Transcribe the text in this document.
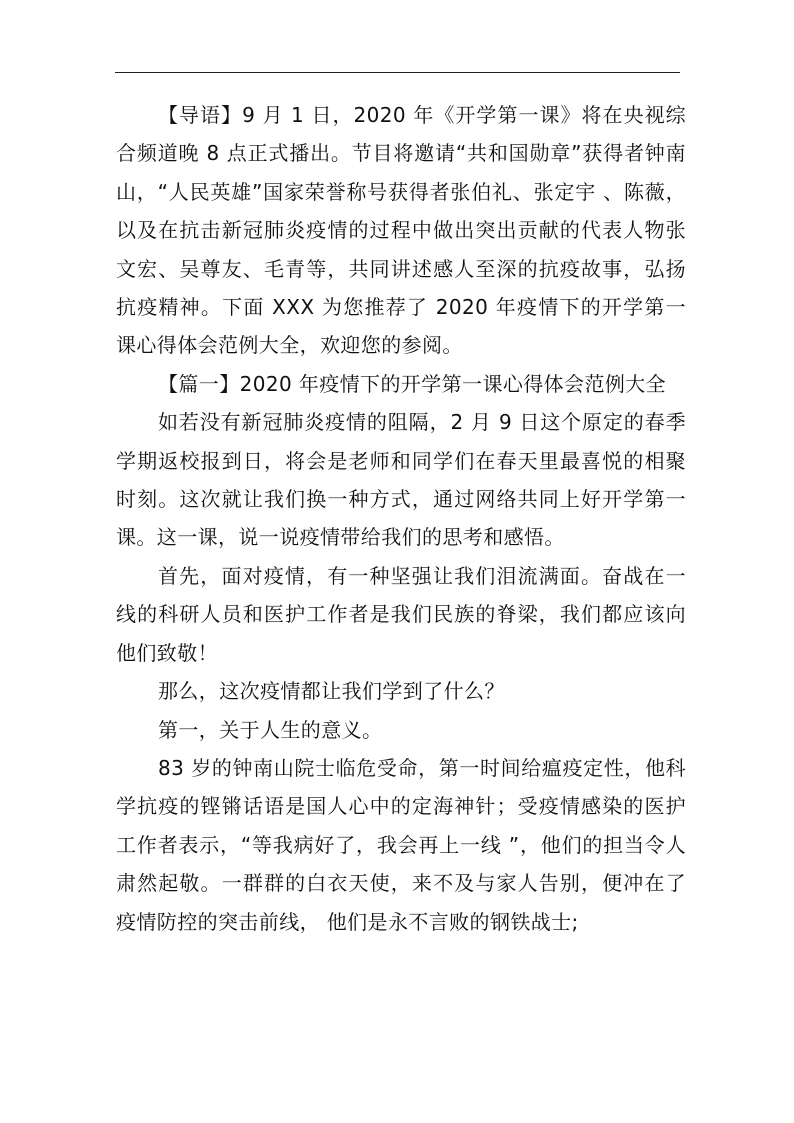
【导语】9 月 1 日，2020 年《开学第一课》将在央视综合频道晚 8 点正式播出。节目将邀请“共和国勋章”获得者钟南山，“人民英雄”国家荣誉称号获得者张伯礼、张定宇 、陈薇，以及在抗击新冠肺炎疫情的过程中做出突出贡献的代表人物张文宏、吴尊友、毛青等，共同讲述感人至深的抗疫故事，弘扬抗疫精神。下面 XXX 为您推荐了 2020 年疫情下的开学第一课心得体会范例大全，欢迎您的参阅。

【篇一】2020 年疫情下的开学第一课心得体会范例大全

如若没有新冠肺炎疫情的阻隔，2 月 9 日这个原定的春季学期返校报到日，将会是老师和同学们在春天里最喜悦的相聚时刻。这次就让我们换一种方式，通过网络共同上好开学第一课。这一课，说一说疫情带给我们的思考和感悟。

首先，面对疫情，有一种坚强让我们泪流满面。奋战在一线的科研人员和医护工作者是我们民族的脊梁，我们都应该向他们致敬！

那么，这次疫情都让我们学到了什么？

第一，关于人生的意义。

83 岁的钟南山院士临危受命，第一时间给瘟疫定性，他科学抗疫的铿锵话语是国人心中的定海神针；受疫情感染的医护工作者表示，“等我病好了，我会再上一线 ”，他们的担当令人肃然起敬。一群群的白衣天使，来不及与家人告别，便冲在了疫情防控的突击前线， 他们是永不言败的钢铁战士;
